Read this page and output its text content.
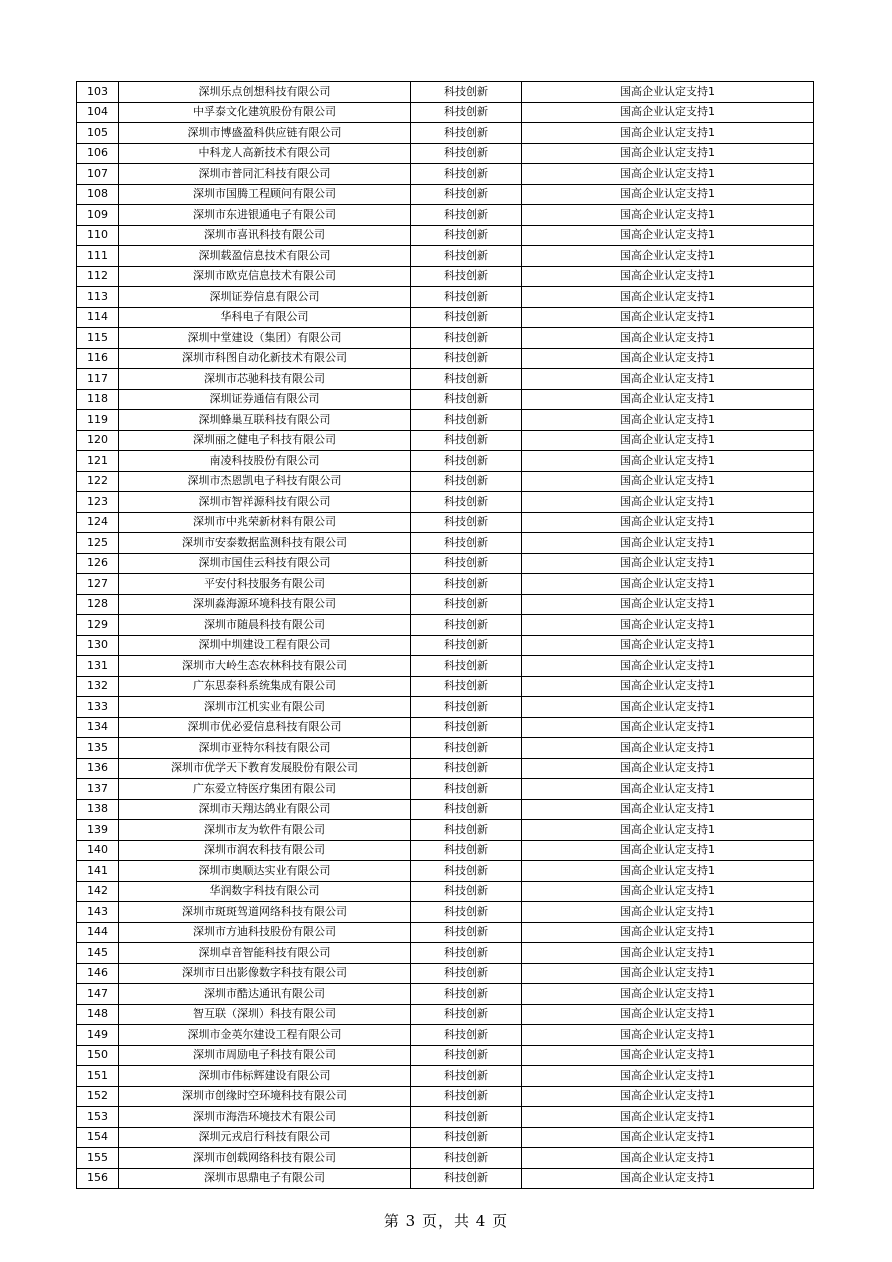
103	深圳乐点创想科技有限公司	科技创新	国高企业认定支持1
104	中孚泰文化建筑股份有限公司	科技创新	国高企业认定支持1
105	深圳市博盛盈科供应链有限公司	科技创新	国高企业认定支持1
106	中科龙人高新技术有限公司	科技创新	国高企业认定支持1
107	深圳市普同汇科技有限公司	科技创新	国高企业认定支持1
108	深圳市国腾工程顾问有限公司	科技创新	国高企业认定支持1
109	深圳市东进银通电子有限公司	科技创新	国高企业认定支持1
110	深圳市喜讯科技有限公司	科技创新	国高企业认定支持1
111	深圳载盈信息技术有限公司	科技创新	国高企业认定支持1
112	深圳市欧克信息技术有限公司	科技创新	国高企业认定支持1
113	深圳证券信息有限公司	科技创新	国高企业认定支持1
114	华科电子有限公司	科技创新	国高企业认定支持1
115	深圳中堂建设（集团）有限公司	科技创新	国高企业认定支持1
116	深圳市科图自动化新技术有限公司	科技创新	国高企业认定支持1
117	深圳市芯驰科技有限公司	科技创新	国高企业认定支持1
118	深圳证券通信有限公司	科技创新	国高企业认定支持1
119	深圳蜂巢互联科技有限公司	科技创新	国高企业认定支持1
120	深圳丽之健电子科技有限公司	科技创新	国高企业认定支持1
121	南凌科技股份有限公司	科技创新	国高企业认定支持1
122	深圳市杰恩凯电子科技有限公司	科技创新	国高企业认定支持1
123	深圳市智祥源科技有限公司	科技创新	国高企业认定支持1
124	深圳市中兆荣新材料有限公司	科技创新	国高企业认定支持1
125	深圳市安泰数据监测科技有限公司	科技创新	国高企业认定支持1
126	深圳市国佳云科技有限公司	科技创新	国高企业认定支持1
127	平安付科技服务有限公司	科技创新	国高企业认定支持1
128	深圳淼海源环境科技有限公司	科技创新	国高企业认定支持1
129	深圳市随晨科技有限公司	科技创新	国高企业认定支持1
130	深圳中圳建设工程有限公司	科技创新	国高企业认定支持1
131	深圳市大岭生态农林科技有限公司	科技创新	国高企业认定支持1
132	广东思泰科系统集成有限公司	科技创新	国高企业认定支持1
133	深圳市江机实业有限公司	科技创新	国高企业认定支持1
134	深圳市优必爱信息科技有限公司	科技创新	国高企业认定支持1
135	深圳市亚特尔科技有限公司	科技创新	国高企业认定支持1
136	深圳市优学天下教育发展股份有限公司	科技创新	国高企业认定支持1
137	广东爱立特医疗集团有限公司	科技创新	国高企业认定支持1
138	深圳市天翔达鸽业有限公司	科技创新	国高企业认定支持1
139	深圳市友为软件有限公司	科技创新	国高企业认定支持1
140	深圳市润农科技有限公司	科技创新	国高企业认定支持1
141	深圳市奥顺达实业有限公司	科技创新	国高企业认定支持1
142	华润数字科技有限公司	科技创新	国高企业认定支持1
143	深圳市斑斑驾道网络科技有限公司	科技创新	国高企业认定支持1
144	深圳市方迪科技股份有限公司	科技创新	国高企业认定支持1
145	深圳卓音智能科技有限公司	科技创新	国高企业认定支持1
146	深圳市日出影像数字科技有限公司	科技创新	国高企业认定支持1
147	深圳市酷达通讯有限公司	科技创新	国高企业认定支持1
148	智互联（深圳）科技有限公司	科技创新	国高企业认定支持1
149	深圳市金英尔建设工程有限公司	科技创新	国高企业认定支持1
150	深圳市周励电子科技有限公司	科技创新	国高企业认定支持1
151	深圳市伟标辉建设有限公司	科技创新	国高企业认定支持1
152	深圳市创缘时空环境科技有限公司	科技创新	国高企业认定支持1
153	深圳市海浩环境技术有限公司	科技创新	国高企业认定支持1
154	深圳元戎启行科技有限公司	科技创新	国高企业认定支持1
155	深圳市创载网络科技有限公司	科技创新	国高企业认定支持1
156	深圳市思鼎电子有限公司	科技创新	国高企业认定支持1
第 3 页，共 4 页
